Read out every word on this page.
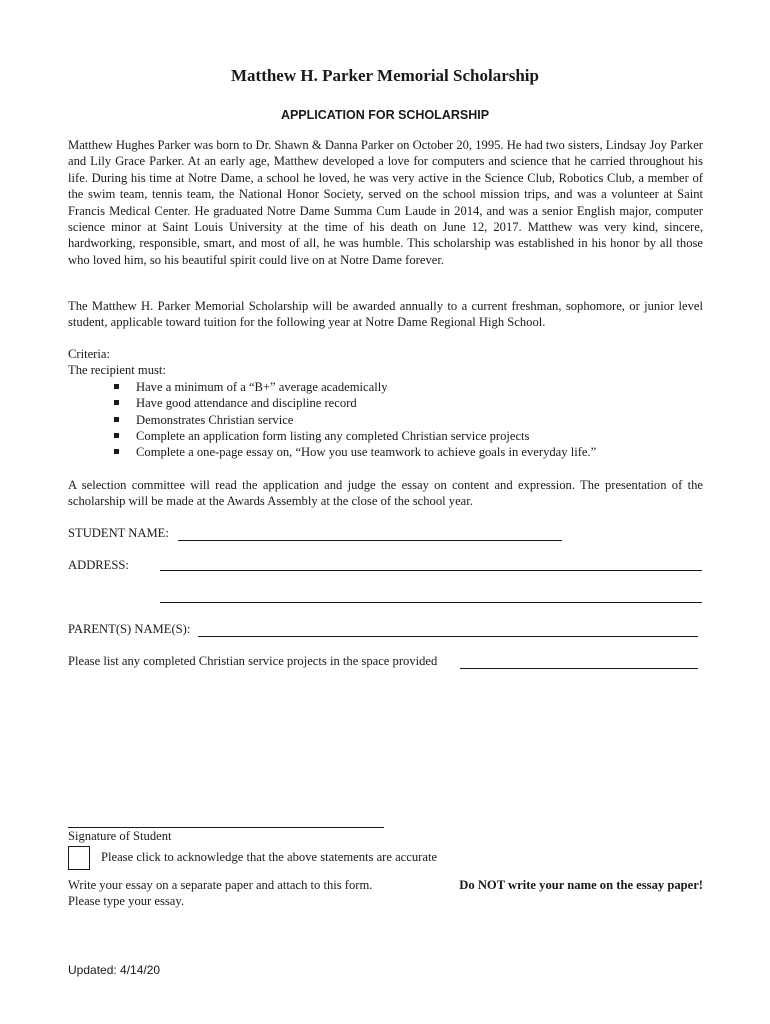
Matthew H. Parker Memorial Scholarship
APPLICATION FOR SCHOLARSHIP

Matthew Hughes Parker was born to Dr. Shawn & Danna Parker on October 20, 1995. He had two sisters, Lindsay Joy Parker and Lily Grace Parker. At an early age, Matthew developed a love for computers and science that he carried throughout his life. During his time at Notre Dame, a school he loved, he was very active in the Science Club, Robotics Club, a member of the swim team, tennis team, the National Honor Society, served on the school mission trips, and was a volunteer at Saint Francis Medical Center. He graduated Notre Dame Summa Cum Laude in 2014, and was a senior English major, computer science minor at Saint Louis University at the time of his death on June 12, 2017. Matthew was very kind, sincere, hardworking, responsible, smart, and most of all, he was humble. This scholarship was established in his honor by all those who loved him, so his beautiful spirit could live on at Notre Dame forever.

The Matthew H. Parker Memorial Scholarship will be awarded annually to a current freshman, sophomore, or junior level student, applicable toward tuition for the following year at Notre Dame Regional High School.

Criteria:
The recipient must:
Have a minimum of a “B+” average academically
Have good attendance and discipline record
Demonstrates Christian service
Complete an application form listing any completed Christian service projects
Complete a one-page essay on, “How you use teamwork to achieve goals in everyday life.”

A selection committee will read the application and judge the essay on content and expression. The presentation of the scholarship will be made at the Awards Assembly at the close of the school year.

STUDENT NAME:
ADDRESS:
PARENT(S) NAME(S):
Please list any completed Christian service projects in the space provided
Signature of Student
Please click to acknowledge that the above statements are accurate
Write your essay on a separate paper and attach to this form.	Do NOT write your name on the essay paper!
Please type your essay.
Updated: 4/14/20
